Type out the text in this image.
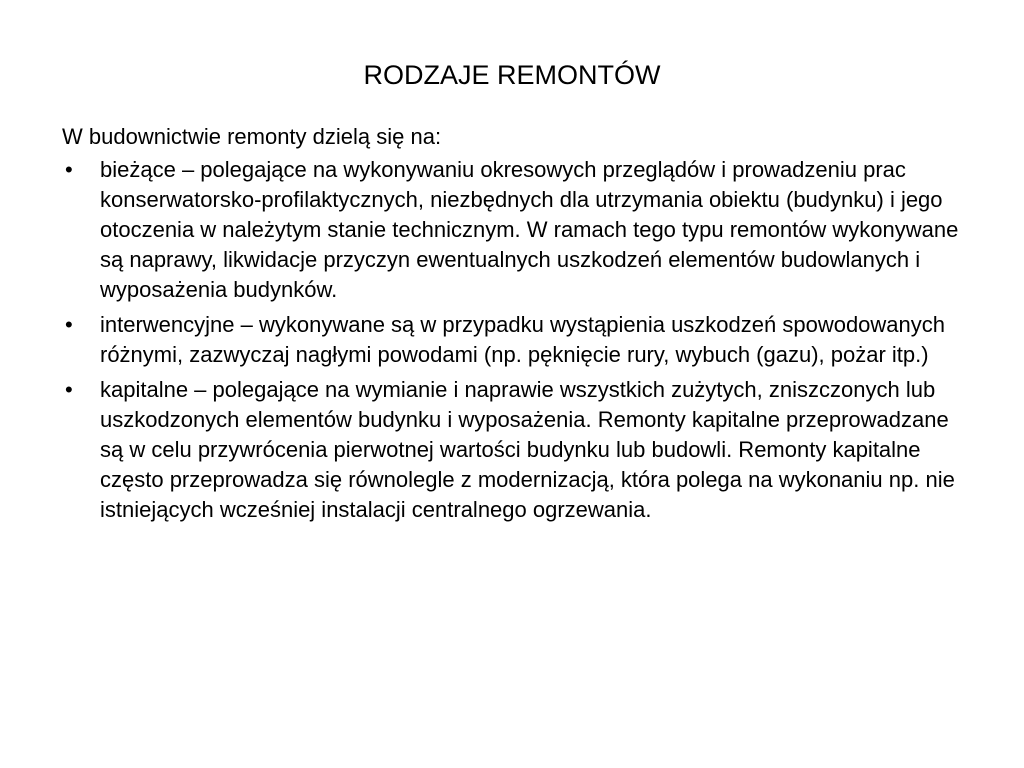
RODZAJE REMONTÓW
W budownictwie remonty dzielą się na:
• bieżące – polegające na wykonywaniu okresowych przeglądów i prowadzeniu prac konserwatorsko-profilaktycznych, niezbędnych dla utrzymania obiektu (budynku) i jego otoczenia w należytym stanie technicznym. W ramach tego typu remontów wykonywane są naprawy, likwidacje przyczyn ewentualnych uszkodzeń elementów budowlanych i wyposażenia budynków.
• interwencyjne – wykonywane są w przypadku wystąpienia uszkodzeń spowodowanych różnymi, zazwyczaj nagłymi powodami (np. pęknięcie rury, wybuch (gazu), pożar itp.)
• kapitalne – polegające na wymianie i naprawie wszystkich zużytych, zniszczonych lub uszkodzonych elementów budynku i wyposażenia. Remonty kapitalne przeprowadzane są w celu przywrócenia pierwotnej wartości budynku lub budowli. Remonty kapitalne często przeprowadza się równolegle z modernizacją, która polega na wykonaniu np. nie istniejących wcześniej instalacji centralnego ogrzewania.
